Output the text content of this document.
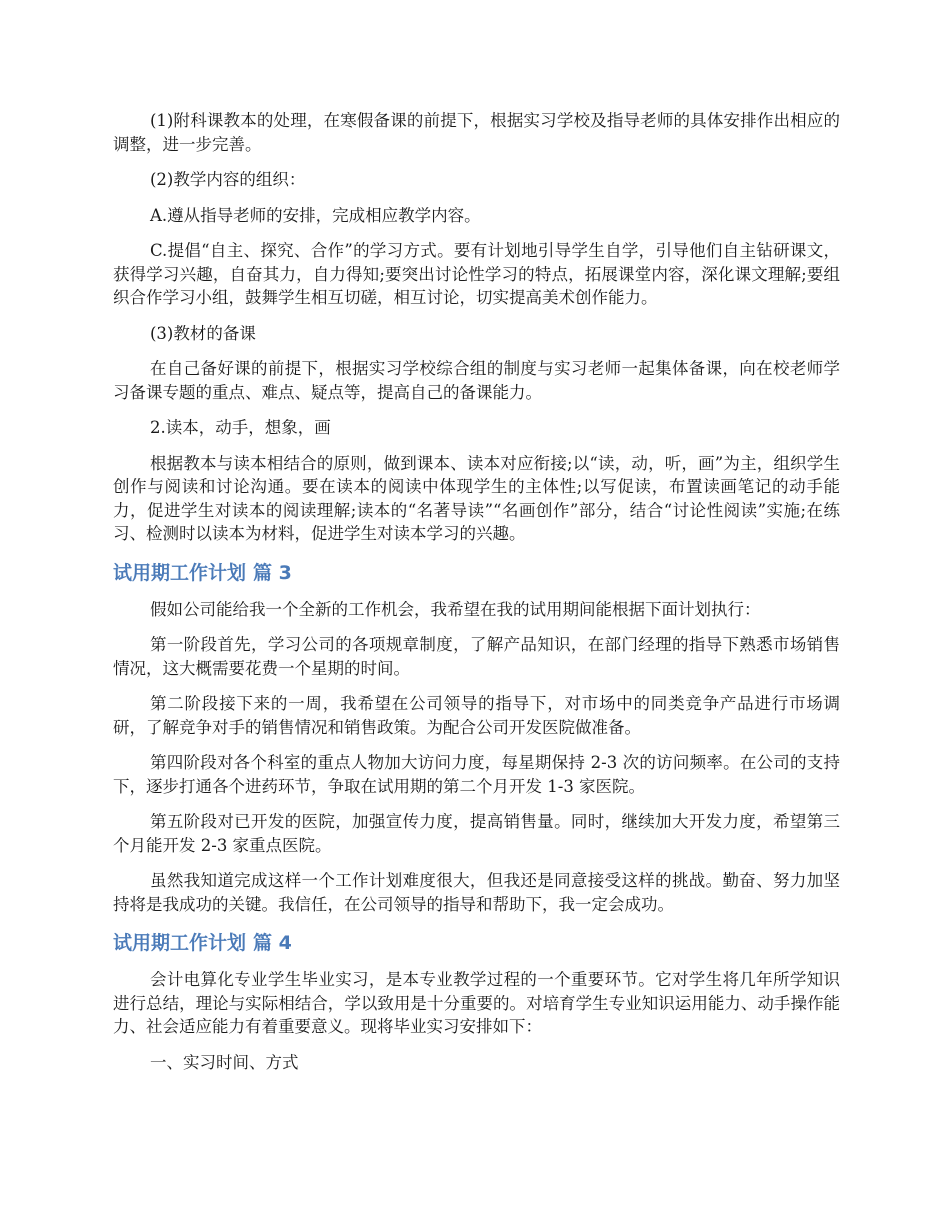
(1)附科课教本的处理，在寒假备课的前提下，根据实习学校及指导老师的具体安排作出相应的调整，进一步完善。

(2)教学内容的组织：

A.遵从指导老师的安排，完成相应教学内容。

C.提倡“自主、探究、合作”的学习方式。要有计划地引导学生自学，引导他们自主钻研课文，获得学习兴趣，自奋其力，自力得知;要突出讨论性学习的特点，拓展课堂内容，深化课文理解;要组织合作学习小组，鼓舞学生相互切磋，相互讨论，切实提高美术创作能力。

(3)教材的备课

在自己备好课的前提下，根据实习学校综合组的制度与实习老师一起集体备课，向在校老师学习备课专题的重点、难点、疑点等，提高自己的备课能力。

2.读本，动手，想象，画

根据教本与读本相结合的原则，做到课本、读本对应衔接;以“读，动，听，画”为主，组织学生创作与阅读和讨论沟通。要在读本的阅读中体现学生的主体性;以写促读，布置读画笔记的动手能力，促进学生对读本的阅读理解;读本的“名著导读”“名画创作”部分，结合“讨论性阅读”实施;在练习、检测时以读本为材料，促进学生对读本学习的兴趣。

试用期工作计划 篇 3

假如公司能给我一个全新的工作机会，我希望在我的试用期间能根据下面计划执行：

第一阶段首先，学习公司的各项规章制度，了解产品知识，在部门经理的指导下熟悉市场销售情况，这大概需要花费一个星期的时间。

第二阶段接下来的一周，我希望在公司领导的指导下，对市场中的同类竞争产品进行市场调研，了解竞争对手的销售情况和销售政策。为配合公司开发医院做准备。

第四阶段对各个科室的重点人物加大访问力度，每星期保持 2-3 次的访问频率。在公司的支持下，逐步打通各个进药环节，争取在试用期的第二个月开发 1-3 家医院。

第五阶段对已开发的医院，加强宣传力度，提高销售量。同时，继续加大开发力度，希望第三个月能开发 2-3 家重点医院。

虽然我知道完成这样一个工作计划难度很大，但我还是同意接受这样的挑战。勤奋、努力加坚持将是我成功的关键。我信任，在公司领导的指导和帮助下，我一定会成功。

试用期工作计划 篇 4

会计电算化专业学生毕业实习，是本专业教学过程的一个重要环节。它对学生将几年所学知识进行总结，理论与实际相结合，学以致用是十分重要的。对培育学生专业知识运用能力、动手操作能力、社会适应能力有着重要意义。现将毕业实习安排如下：

一、实习时间、方式
